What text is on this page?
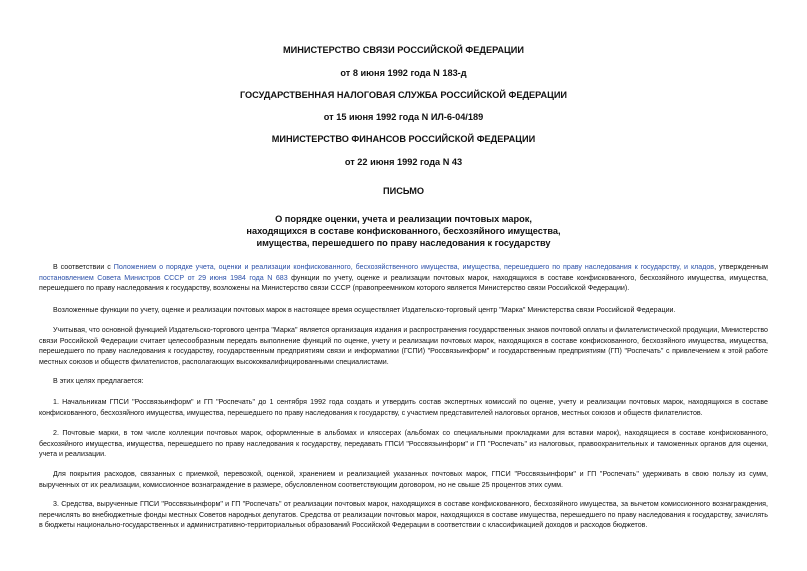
МИНИСТЕРСТВО СВЯЗИ РОССИЙСКОЙ ФЕДЕРАЦИИ
от 8 июня 1992 года N 183-д
ГОСУДАРСТВЕННАЯ НАЛОГОВАЯ СЛУЖБА РОССИЙСКОЙ ФЕДЕРАЦИИ
от 15 июня 1992 года N ИЛ-6-04/189
МИНИСТЕРСТВО ФИНАНСОВ РОССИЙСКОЙ ФЕДЕРАЦИИ
от 22 июня 1992 года N 43
ПИСЬМО
О порядке оценки, учета и реализации почтовых марок,
находящихся в составе конфискованного, бесхозяйного имущества,
имущества, перешедшего по праву наследования к государству

В соответствии с Положением о порядке учета, оценки и реализации конфискованного, бесхозяйственного имущества, имущества, перешедшего по праву наследования к государству, и кладов, утвержденным постановлением Совета Министров СССР от 29 июня 1984 года N 683 функции по учету, оценке и реализации почтовых марок, находящихся в составе конфискованного, бесхозяйного имущества, имущества, перешедшего по праву наследования к государству, возложены на Министерство связи СССР (правопреемником которого является Министерство связи Российской Федерации).

Возложенные функции по учету, оценке и реализации почтовых марок в настоящее время осуществляет Издательско-торговый центр "Марка" Министерства связи Российской Федерации.

Учитывая, что основной функцией Издательско-торгового центра "Марка" является организация издания и распространения государственных знаков почтовой оплаты и филателистической продукции, Министерство связи Российской Федерации считает целесообразным передать выполнение функций по оценке, учету и реализации почтовых марок, находящихся в составе конфискованного, бесхозяйного имущества, имущества, перешедшего по праву наследования к государству, государственным предприятиям связи и информатики (ГСПИ) "Россвязьинформ" и государственным предприятиям (ГП) "Роспечать" с привлечением к этой работе местных союзов и обществ филателистов, располагающих высококвалифицированными специалистами.

В этих целях предлагается:

1. Начальникам ГПСИ "Россвязьинформ" и ГП "Роспечать" до 1 сентября 1992 года создать и утвердить состав экспертных комиссий по оценке, учету и реализации почтовых марок, находящихся в составе конфискованного, бесхозяйного имущества, имущества, перешедшего по праву наследования к государству, с участием представителей налоговых органов, местных союзов и обществ филателистов.

2. Почтовые марки, в том числе коллекции почтовых марок, оформленные в альбомах и кляссерах (альбомах со специальными прокладками для вставки марок), находящиеся в составе конфискованного, бесхозяйного имущества, имущества, перешедшего по праву наследования к государству, передавать ГПСИ "Россвязьинформ" и ГП "Роспечать" из налоговых, правоохранительных и таможенных органов для оценки, учета и реализации.

Для покрытия расходов, связанных с приемкой, перевозкой, оценкой, хранением и реализацией указанных почтовых марок, ГПСИ "Россвязьинформ" и ГП "Роспечать" удерживать в свою пользу из сумм, вырученных от их реализации, комиссионное вознаграждение в размере, обусловленном соответствующим договором, но не свыше 25 процентов этих сумм.

3. Средства, вырученные ГПСИ "Россвязьинформ" и ГП "Роспечать" от реализации почтовых марок, находящихся в составе конфискованного, бесхозяйного имущества, за вычетом комиссионного вознаграждения, перечислять во внебюджетные фонды местных Советов народных депутатов. Средства от реализации почтовых марок, находящихся в составе имущества, перешедшего по праву наследования к государству, зачислять в бюджеты национально-государственных и административно-территориальных образований Российской Федерации в соответствии с классификацией доходов и расходов бюджетов.
